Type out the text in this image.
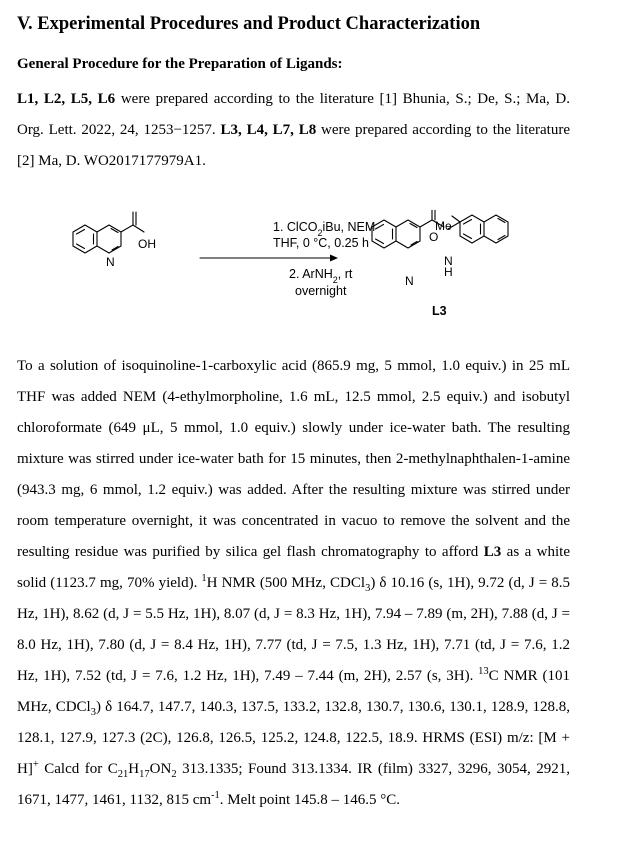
V. Experimental Procedures and Product Characterization
General Procedure for the Preparation of Ligands:
L1, L2, L5, L6 were prepared according to the literature [1] Bhunia, S.; De, S.; Ma, D. Org. Lett. 2022, 24, 1253−1257. L3, L4, L7, L8 were prepared according to the literature [2] Ma, D. WO2017177979A1.
OH
N
1. ClCO$_2$iBu, NEM
THF, 0 °C, 0.25 h
2. ArNH$_2$, rt
overnight
O
Me
N
H
N
L3
To a solution of isoquinoline-1-carboxylic acid (865.9 mg, 5 mmol, 1.0 equiv.) in 25 mL THF was added NEM (4-ethylmorpholine, 1.6 mL, 12.5 mmol, 2.5 equiv.) and isobutyl chloroformate (649 μL, 5 mmol, 1.0 equiv.) slowly under ice-water bath. The resulting mixture was stirred under ice-water bath for 15 minutes, then 2-methylnaphthalen-1-amine (943.3 mg, 6 mmol, 1.2 equiv.) was added. After the resulting mixture was stirred under room temperature overnight, it was concentrated in vacuo to remove the solvent and the resulting residue was purified by silica gel flash chromatography to afford L3 as a white solid (1123.7 mg, 70% yield). $^1$H NMR (500 MHz, CDCl$_3$) δ 10.16 (s, 1H), 9.72 (d, J = 8.5 Hz, 1H), 8.62 (d, J = 5.5 Hz, 1H), 8.07 (d, J = 8.3 Hz, 1H), 7.94 – 7.89 (m, 2H), 7.88 (d, J = 8.0 Hz, 1H), 7.80 (d, J = 8.4 Hz, 1H), 7.77 (td, J = 7.5, 1.3 Hz, 1H), 7.71 (td, J = 7.6, 1.2 Hz, 1H), 7.52 (td, J = 7.6, 1.2 Hz, 1H), 7.49 – 7.44 (m, 2H), 2.57 (s, 3H). $^{13}$C NMR (101 MHz, CDCl$_3$) δ 164.7, 147.7, 140.3, 137.5, 133.2, 132.8, 130.7, 130.6, 130.1, 128.9, 128.8, 128.1, 127.9, 127.3 (2C), 126.8, 126.5, 125.2, 124.8, 122.5, 18.9. HRMS (ESI) m/z: [M + H]+ Calcd for $C_{21}H_{17}ON_2$ 313.1335; Found 313.1334. IR (film) 3327, 3296, 3054, 2921, 1671, 1477, 1461, 1132, 815 $cm^{-1}$. Melt point 145.8 – 146.5 °C.
